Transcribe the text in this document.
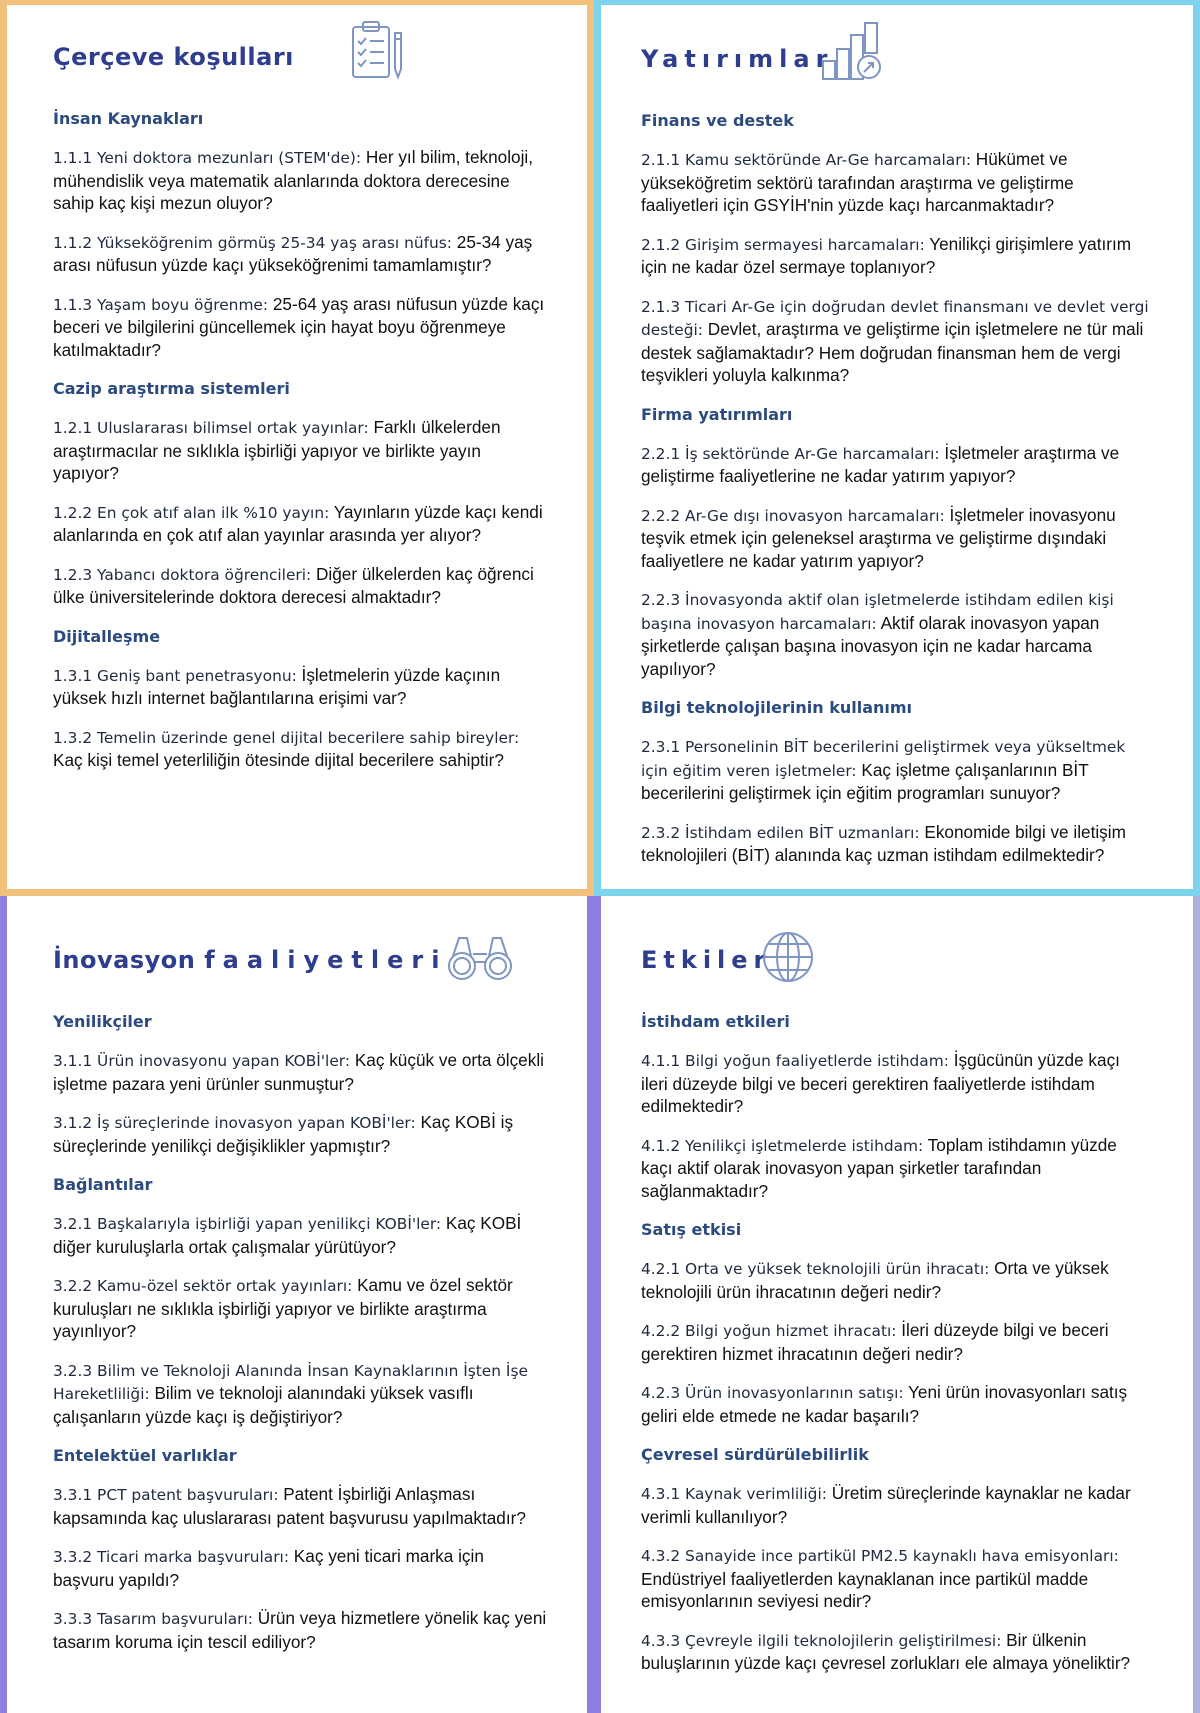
Çerçeve koşulları
İnsan Kaynakları

1.1.1 Yeni doktora mezunları (STEM'de): Her yıl bilim, teknoloji, mühendislik veya matematik alanlarında doktora derecesine sahip kaç kişi mezun oluyor?

1.1.2 Yükseköğrenim görmüş 25-34 yaş arası nüfus: 25-34 yaş arası nüfusun yüzde kaçı yükseköğrenimi tamamlamıştır?

1.1.3 Yaşam boyu öğrenme: 25-64 yaş arası nüfusun yüzde kaçı beceri ve bilgilerini güncellemek için hayat boyu öğrenmeye katılmaktadır?

Cazip araştırma sistemleri

1.2.1 Uluslararası bilimsel ortak yayınlar: Farklı ülkelerden araştırmacılar ne sıklıkla işbirliği yapıyor ve birlikte yayın yapıyor?

1.2.2 En çok atıf alan ilk %10 yayın: Yayınların yüzde kaçı kendi alanlarında en çok atıf alan yayınlar arasında yer alıyor?

1.2.3 Yabancı doktora öğrencileri: Diğer ülkelerden kaç öğrenci ülke üniversitelerinde doktora derecesi almaktadır?

Dijitalleşme

1.3.1 Geniş bant penetrasyonu: İşletmelerin yüzde kaçının yüksek hızlı internet bağlantılarına erişimi var?

1.3.2 Temelin üzerinde genel dijital becerilere sahip bireyler: Kaç kişi temel yeterliliğin ötesinde dijital becerilere sahiptir?

Yatırımlar
Finans ve destek

2.1.1 Kamu sektöründe Ar-Ge harcamaları: Hükümet ve yükseköğretim sektörü tarafından araştırma ve geliştirme faaliyetleri için GSYİH'nin yüzde kaçı harcanmaktadır?

2.1.2 Girişim sermayesi harcamaları: Yenilikçi girişimlere yatırım için ne kadar özel sermaye toplanıyor?

2.1.3 Ticari Ar-Ge için doğrudan devlet finansmanı ve devlet vergi desteği: Devlet, araştırma ve geliştirme için işletmelere ne tür mali destek sağlamaktadır? Hem doğrudan finansman hem de vergi teşvikleri yoluyla kalkınma?

Firma yatırımları

2.2.1 İş sektöründe Ar-Ge harcamaları: İşletmeler araştırma ve geliştirme faaliyetlerine ne kadar yatırım yapıyor?

2.2.2 Ar-Ge dışı inovasyon harcamaları: İşletmeler inovasyonu teşvik etmek için geleneksel araştırma ve geliştirme dışındaki faaliyetlere ne kadar yatırım yapıyor?

2.2.3 İnovasyonda aktif olan işletmelerde istihdam edilen kişi başına inovasyon harcamaları: Aktif olarak inovasyon yapan şirketlerde çalışan başına inovasyon için ne kadar harcama yapılıyor?

Bilgi teknolojilerinin kullanımı

2.3.1 Personelinin BİT becerilerini geliştirmek veya yükseltmek için eğitim veren işletmeler: Kaç işletme çalışanlarının BİT becerilerini geliştirmek için eğitim programları sunuyor?

2.3.2 İstihdam edilen BİT uzmanları: Ekonomide bilgi ve iletişim teknolojileri (BİT) alanında kaç uzman istihdam edilmektedir?

İnovasyon faaliyetleri
Yenilikçiler

3.1.1 Ürün inovasyonu yapan KOBİ'ler: Kaç küçük ve orta ölçekli işletme pazara yeni ürünler sunmuştur?

3.1.2 İş süreçlerinde inovasyon yapan KOBİ'ler: Kaç KOBİ iş süreçlerinde yenilikçi değişiklikler yapmıştır?

Bağlantılar

3.2.1 Başkalarıyla işbirliği yapan yenilikçi KOBİ'ler: Kaç KOBİ diğer kuruluşlarla ortak çalışmalar yürütüyor?

3.2.2 Kamu-özel sektör ortak yayınları: Kamu ve özel sektör kuruluşları ne sıklıkla işbirliği yapıyor ve birlikte araştırma yayınlıyor?

3.2.3 Bilim ve Teknoloji Alanında İnsan Kaynaklarının İşten İşe Hareketliliği: Bilim ve teknoloji alanındaki yüksek vasıflı çalışanların yüzde kaçı iş değiştiriyor?

Entelektüel varlıklar

3.3.1 PCT patent başvuruları: Patent İşbirliği Anlaşması kapsamında kaç uluslararası patent başvurusu yapılmaktadır?

3.3.2 Ticari marka başvuruları: Kaç yeni ticari marka için başvuru yapıldı?

3.3.3 Tasarım başvuruları: Ürün veya hizmetlere yönelik kaç yeni tasarım koruma için tescil ediliyor?

Etkiler
İstihdam etkileri

4.1.1 Bilgi yoğun faaliyetlerde istihdam: İşgücünün yüzde kaçı ileri düzeyde bilgi ve beceri gerektiren faaliyetlerde istihdam edilmektedir?

4.1.2 Yenilikçi işletmelerde istihdam: Toplam istihdamın yüzde kaçı aktif olarak inovasyon yapan şirketler tarafından sağlanmaktadır?

Satış etkisi

4.2.1 Orta ve yüksek teknolojili ürün ihracatı: Orta ve yüksek teknolojili ürün ihracatının değeri nedir?

4.2.2 Bilgi yoğun hizmet ihracatı: İleri düzeyde bilgi ve beceri gerektiren hizmet ihracatının değeri nedir?

4.2.3 Ürün inovasyonlarının satışı: Yeni ürün inovasyonları satış geliri elde etmede ne kadar başarılı?

Çevresel sürdürülebilirlik

4.3.1 Kaynak verimliliği: Üretim süreçlerinde kaynaklar ne kadar verimli kullanılıyor?

4.3.2 Sanayide ince partikül PM2.5 kaynaklı hava emisyonları: Endüstriyel faaliyetlerden kaynaklanan ince partikül madde emisyonlarının seviyesi nedir?

4.3.3 Çevreyle ilgili teknolojilerin geliştirilmesi: Bir ülkenin buluşlarının yüzde kaçı çevresel zorlukları ele almaya yöneliktir?
